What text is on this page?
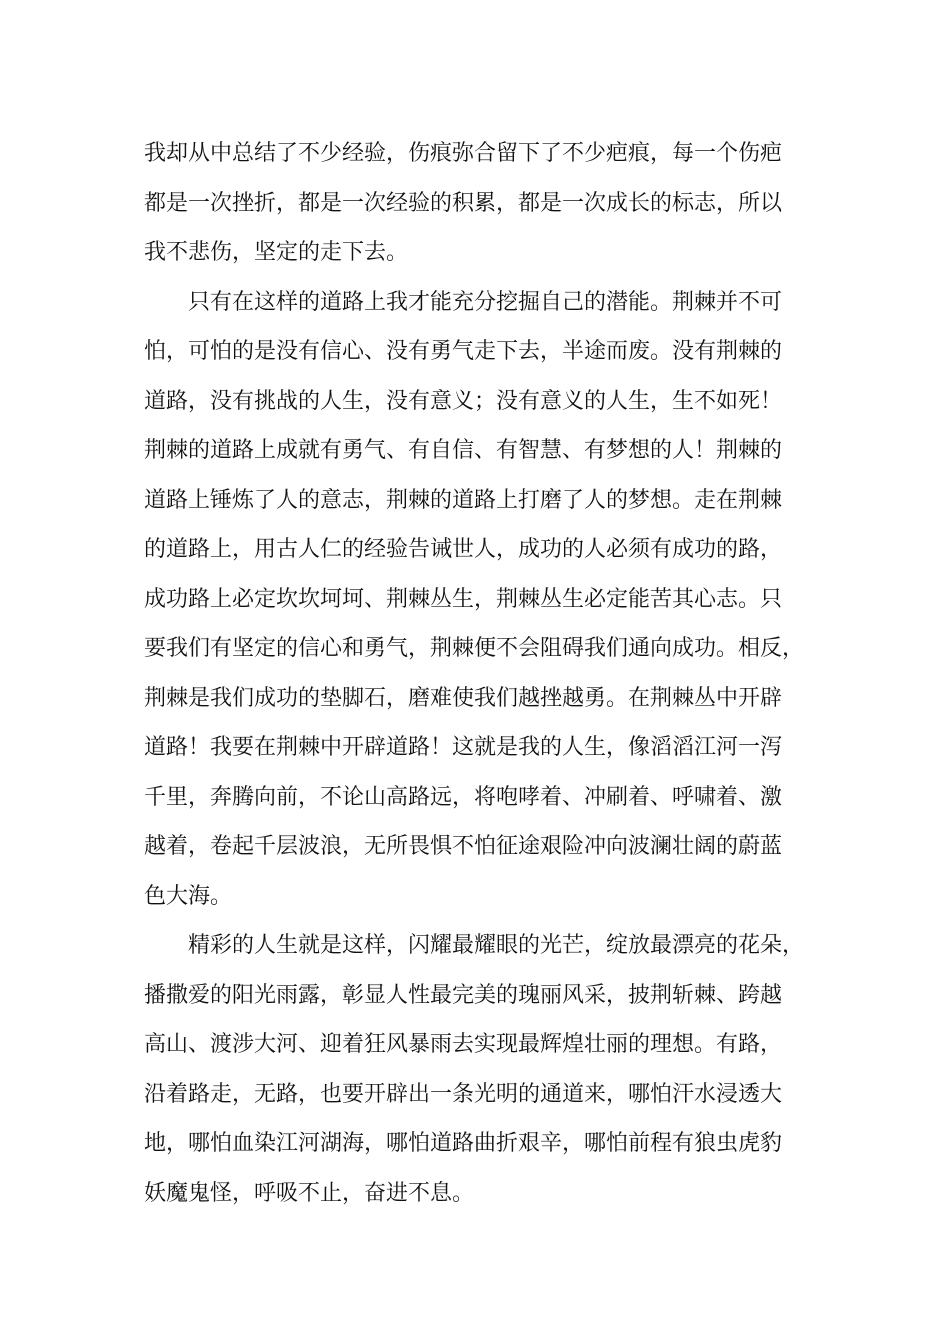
我却从中总结了不少经验，伤痕弥合留下了不少疤痕，每一个伤疤
都是一次挫折，都是一次经验的积累，都是一次成长的标志，所以
我不悲伤，坚定的走下去。
　　只有在这样的道路上我才能充分挖掘自己的潜能。荆棘并不可
怕，可怕的是没有信心、没有勇气走下去，半途而废。没有荆棘的
道路，没有挑战的人生，没有意义；没有意义的人生，生不如死！
荆棘的道路上成就有勇气、有自信、有智慧、有梦想的人！荆棘的
道路上锤炼了人的意志，荆棘的道路上打磨了人的梦想。走在荆棘
的道路上，用古人仁的经验告诫世人，成功的人必须有成功的路，
成功路上必定坎坎坷坷、荆棘丛生，荆棘丛生必定能苦其心志。只
要我们有坚定的信心和勇气，荆棘便不会阻碍我们通向成功。相反，
荆棘是我们成功的垫脚石，磨难使我们越挫越勇。在荆棘丛中开辟
道路！我要在荆棘中开辟道路！这就是我的人生，像滔滔江河一泻
千里，奔腾向前，不论山高路远，将咆哮着、冲刷着、呼啸着、激
越着，卷起千层波浪，无所畏惧不怕征途艰险冲向波澜壮阔的蔚蓝
色大海。
　　精彩的人生就是这样，闪耀最耀眼的光芒，绽放最漂亮的花朵，
播撒爱的阳光雨露，彰显人性最完美的瑰丽风采，披荆斩棘、跨越
高山、渡涉大河、迎着狂风暴雨去实现最辉煌壮丽的理想。有路，
沿着路走，无路，也要开辟出一条光明的通道来，哪怕汗水浸透大
地，哪怕血染江河湖海，哪怕道路曲折艰辛，哪怕前程有狼虫虎豹
妖魔鬼怪，呼吸不止，奋进不息。
